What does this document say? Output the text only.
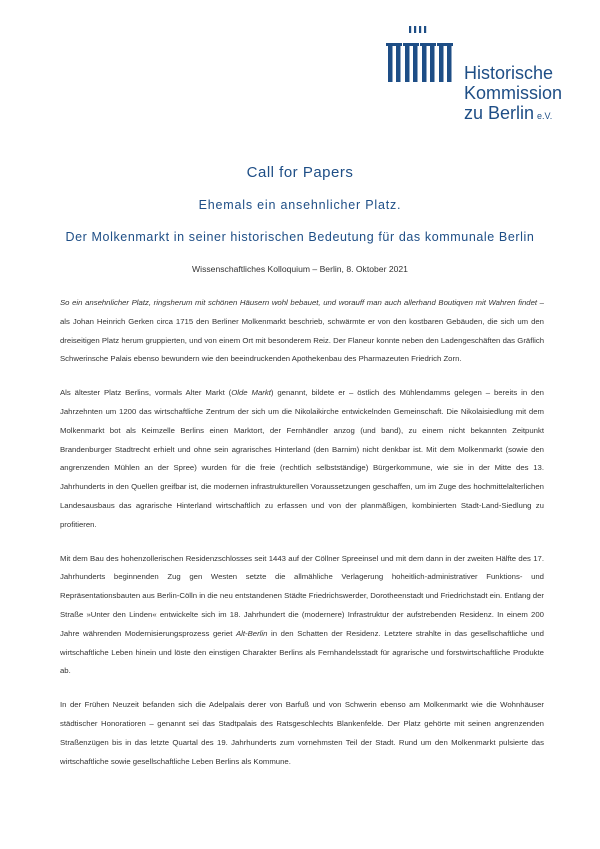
Historische
Kommission
zu Berlin e.V.
Call for Papers
Ehemals ein ansehnlicher Platz.
Der Molkenmarkt in seiner historischen Bedeutung für das kommunale Berlin
Wissenschaftliches Kolloquium – Berlin, 8. Oktober 2021

So ein ansehnlicher Platz, ringsherum mit schönen Häusern wohl bebauet, und worauff man auch allerhand Boutiqven mit Wahren findet – als Johan Heinrich Gerken circa 1715 den Berliner Molkenmarkt beschrieb, schwärmte er von den kostbaren Gebäuden, die sich um den dreiseitigen Platz herum gruppierten, und von einem Ort mit besonderem Reiz. Der Flaneur konnte neben den Ladengeschäften das Gräflich Schwerinsche Palais ebenso bewundern wie den beeindruckenden Apothekenbau des Pharmazeuten Friedrich Zorn.

Als ältester Platz Berlins, vormals Alter Markt (Olde Markt) genannt, bildete er – östlich des Mühlendamms gelegen – bereits in den Jahrzehnten um 1200 das wirtschaftliche Zentrum der sich um die Nikolaikirche entwickelnden Gemeinschaft. Die Nikolaisiedlung mit dem Molkenmarkt bot als Keimzelle Berlins einen Marktort, der Fernhändler anzog (und band), zu einem nicht bekannten Zeitpunkt Brandenburger Stadtrecht erhielt und ohne sein agrarisches Hinterland (den Barnim) nicht denkbar ist. Mit dem Molkenmarkt (sowie den angrenzenden Mühlen an der Spree) wurden für die freie (rechtlich selbstständige) Bürgerkommune, wie sie in der Mitte des 13. Jahrhunderts in den Quellen greifbar ist, die modernen infrastrukturellen Voraussetzungen geschaffen, um im Zuge des hochmittelalterlichen Landesausbaus das agrarische Hinterland wirtschaftlich zu erfassen und von der planmäßigen, kombinierten Stadt-Land-Siedlung zu profitieren.

Mit dem Bau des hohenzollerischen Residenzschlosses seit 1443 auf der Cöllner Spreeinsel und mit dem dann in der zweiten Hälfte des 17. Jahrhunderts beginnenden Zug gen Westen setzte die allmähliche Verlagerung hoheitlich-administrativer Funktions- und Repräsentationsbauten aus Berlin-Cölln in die neu entstandenen Städte Friedrichswerder, Dorotheenstadt und Friedrichstadt ein. Entlang der Straße »Unter den Linden« entwickelte sich im 18. Jahrhundert die (modernere) Infrastruktur der aufstrebenden Residenz. In einem 200 Jahre währenden Modernisierungsprozess geriet Alt-Berlin in den Schatten der Residenz. Letztere strahlte in das gesellschaftliche und wirtschaftliche Leben hinein und löste den einstigen Charakter Berlins als Fernhandelsstadt für agrarische und forstwirtschaftliche Produkte ab.

In der Frühen Neuzeit befanden sich die Adelpalais derer von Barfuß und von Schwerin ebenso am Molkenmarkt wie die Wohnhäuser städtischer Honoratioren – genannt sei das Stadtpalais des Ratsgeschlechts Blankenfelde. Der Platz gehörte mit seinen angrenzenden Straßenzügen bis in das letzte Quartal des 19. Jahrhunderts zum vornehmsten Teil der Stadt. Rund um den Molkenmarkt pulsierte das wirtschaftliche sowie gesellschaftliche Leben Berlins als Kommune.
